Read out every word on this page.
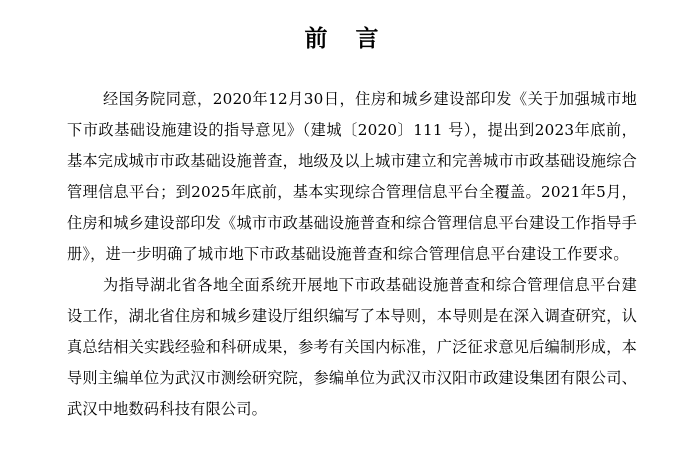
前言

经国务院同意，2020年12月30日，住房和城乡建设部印发《关于加强城市地下市政基础设施建设的指导意见》（建城〔2020〕111 号），提出到2023年底前，基本完成城市市政基础设施普查，地级及以上城市建立和完善城市市政基础设施综合管理信息平台；到2025年底前，基本实现综合管理信息平台全覆盖。2021年5月，住房和城乡建设部印发《城市市政基础设施普查和综合管理信息平台建设工作指导手册》，进一步明确了城市地下市政基础设施普查和综合管理信息平台建设工作要求。

为指导湖北省各地全面系统开展地下市政基础设施普查和综合管理信息平台建设工作，湖北省住房和城乡建设厅组织编写了本导则，本导则是在深入调查研究，认真总结相关实践经验和科研成果，参考有关国内标准，广泛征求意见后编制形成，本导则主编单位为武汉市测绘研究院，参编单位为武汉市汉阳市政建设集团有限公司、武汉中地数码科技有限公司。
